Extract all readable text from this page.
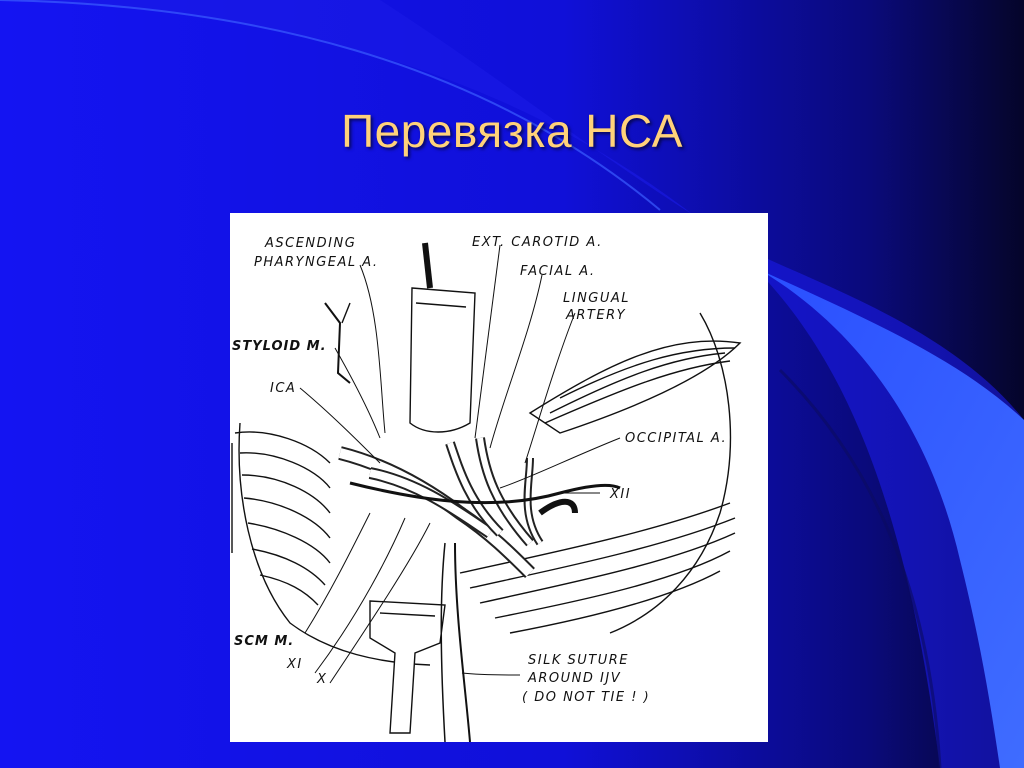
Перевязка НСА
ASCENDING
PHARYNGEAL A.
EXT. CAROTID A.
FACIAL A.
LINGUAL
ARTERY
STYLOID M.
ICA
OCCIPITAL A.
XII
SCM M.
XI
X
SILK SUTURE
AROUND IJV
( DO NOT TIE ! )
